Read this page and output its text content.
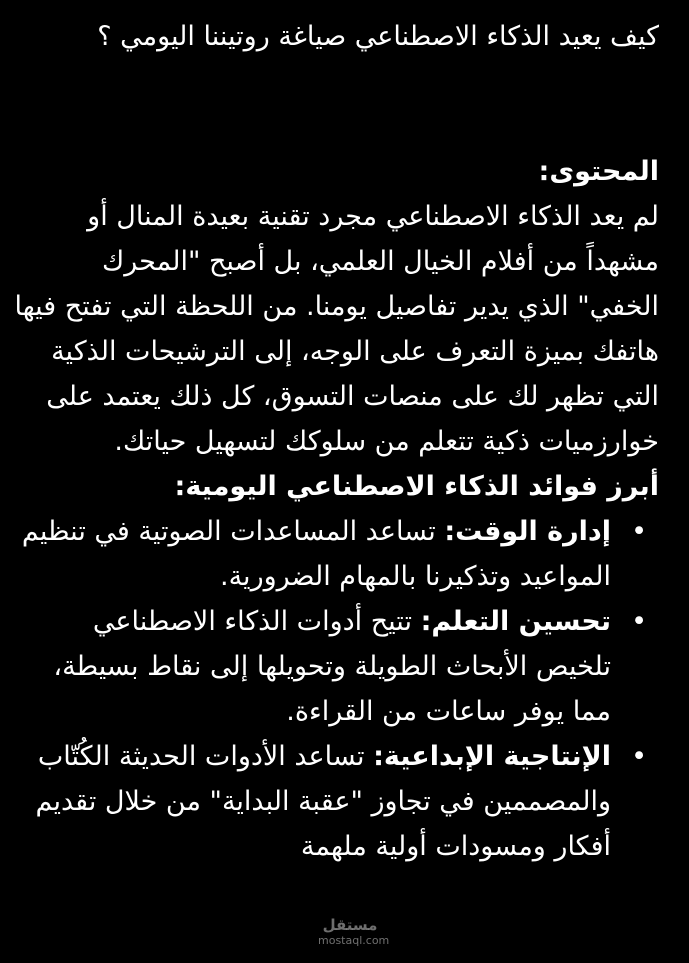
كيف يعيد الذكاء الاصطناعي صياغة روتيننا اليومي ؟

المحتوى:

لم يعد الذكاء الاصطناعي مجرد تقنية بعيدة المنال أو مشهداً من أفلام الخيال العلمي، بل أصبح "المحرك الخفي" الذي يدير تفاصيل يومنا. من اللحظة التي تفتح فيها هاتفك بميزة التعرف على الوجه، إلى الترشيحات الذكية التي تظهر لك على منصات التسوق، كل ذلك يعتمد على خوارزميات ذكية تتعلم من سلوكك لتسهيل حياتك.

أبرز فوائد الذكاء الاصطناعي اليومية:

•
إدارة الوقت: تساعد المساعدات الصوتية في تنظيم المواعيد وتذكيرنا بالمهام الضرورية.
•
تحسين التعلم: تتيح أدوات الذكاء الاصطناعي تلخيص الأبحاث الطويلة وتحويلها إلى نقاط بسيطة، مما يوفر ساعات من القراءة.
•
الإنتاجية الإبداعية: تساعد الأدوات الحديثة الكُتّاب والمصممين في تجاوز "عقبة البداية" من خلال تقديم أفكار ومسودات أولية ملهمة
مستقل
mostaql.com
